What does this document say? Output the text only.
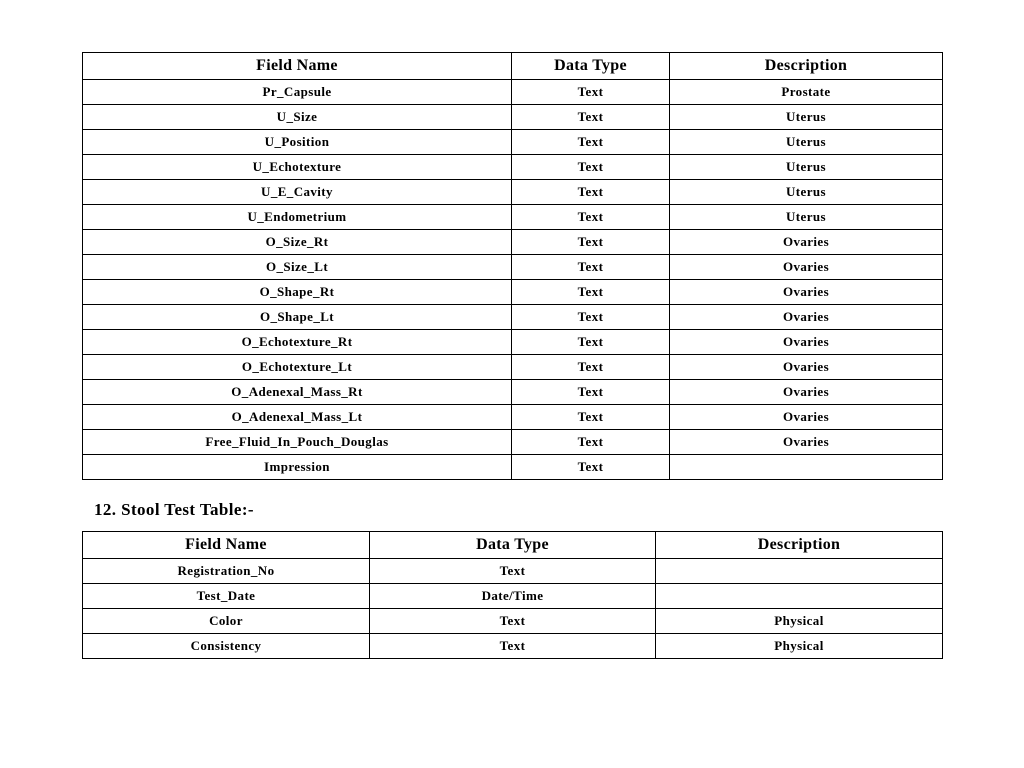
Field Name	Data Type	Description
Pr_Capsule	Text	Prostate
U_Size	Text	Uterus
U_Position	Text	Uterus
U_Echotexture	Text	Uterus
U_E_Cavity	Text	Uterus
U_Endometrium	Text	Uterus
O_Size_Rt	Text	Ovaries
O_Size_Lt	Text	Ovaries
O_Shape_Rt	Text	Ovaries
O_Shape_Lt	Text	Ovaries
O_Echotexture_Rt	Text	Ovaries
O_Echotexture_Lt	Text	Ovaries
O_Adenexal_Mass_Rt	Text	Ovaries
O_Adenexal_Mass_Lt	Text	Ovaries
Free_Fluid_In_Pouch_Douglas	Text	Ovaries
Impression	Text	
12. Stool Test Table:-
Field Name	Data Type	Description
Registration_No	Text	
Test_Date	Date/Time	
Color	Text	Physical
Consistency	Text	Physical
